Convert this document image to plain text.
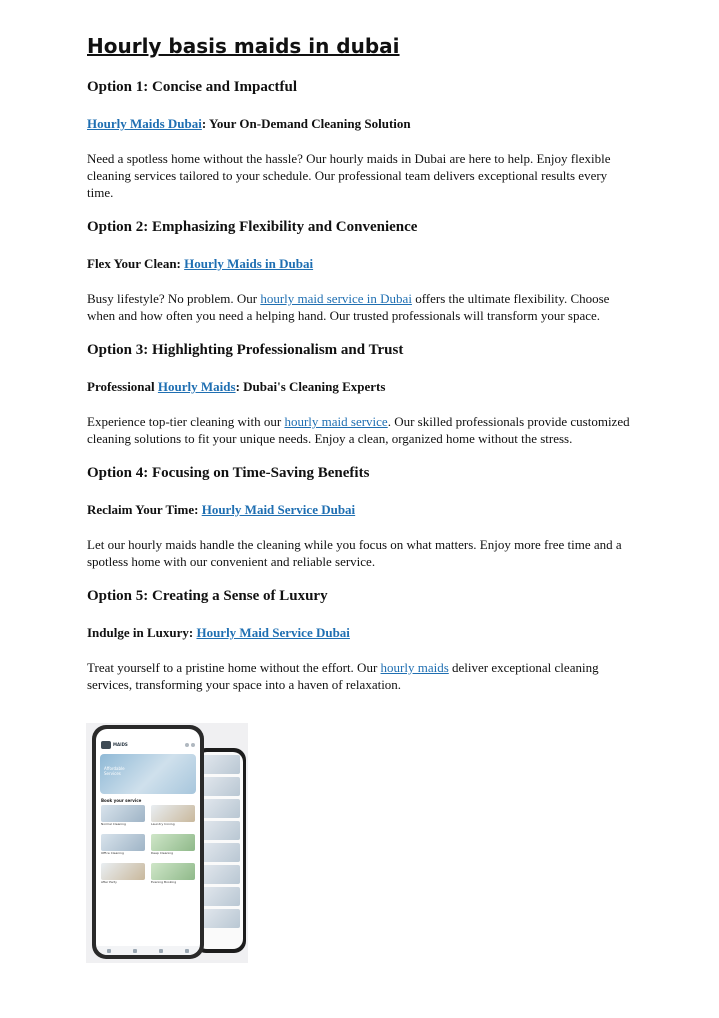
Hourly basis maids in dubai
Option 1: Concise and Impactful

Hourly Maids Dubai: Your On-Demand Cleaning Solution

Need a spotless home without the hassle? Our hourly maids in Dubai are here to help. Enjoy flexible cleaning services tailored to your schedule. Our professional team delivers exceptional results every time.

Option 2: Emphasizing Flexibility and Convenience

Flex Your Clean: Hourly Maids in Dubai

Busy lifestyle? No problem. Our hourly maid service in Dubai offers the ultimate flexibility. Choose when and how often you need a helping hand. Our trusted professionals will transform your space.

Option 3: Highlighting Professionalism and Trust

Professional Hourly Maids: Dubai's Cleaning Experts

Experience top-tier cleaning with our hourly maid service. Our skilled professionals provide customized cleaning solutions to fit your unique needs. Enjoy a clean, organized home without the stress.

Option 4: Focusing on Time-Saving Benefits

Reclaim Your Time: Hourly Maid Service Dubai

Let our hourly maids handle the cleaning while you focus on what matters. Enjoy more free time and a spotless home with our convenient and reliable service.

Option 5: Creating a Sense of Luxury

Indulge in Luxury: Hourly Maid Service Dubai

Treat yourself to a pristine home without the effort. Our hourly maids deliver exceptional cleaning services, transforming your space into a haven of relaxation.

MAIDS
Affordable Services
Book your service
Normal Cleaning	Laundry Ironing
Office Cleaning	Deep Cleaning
After Party	Evening Booking
